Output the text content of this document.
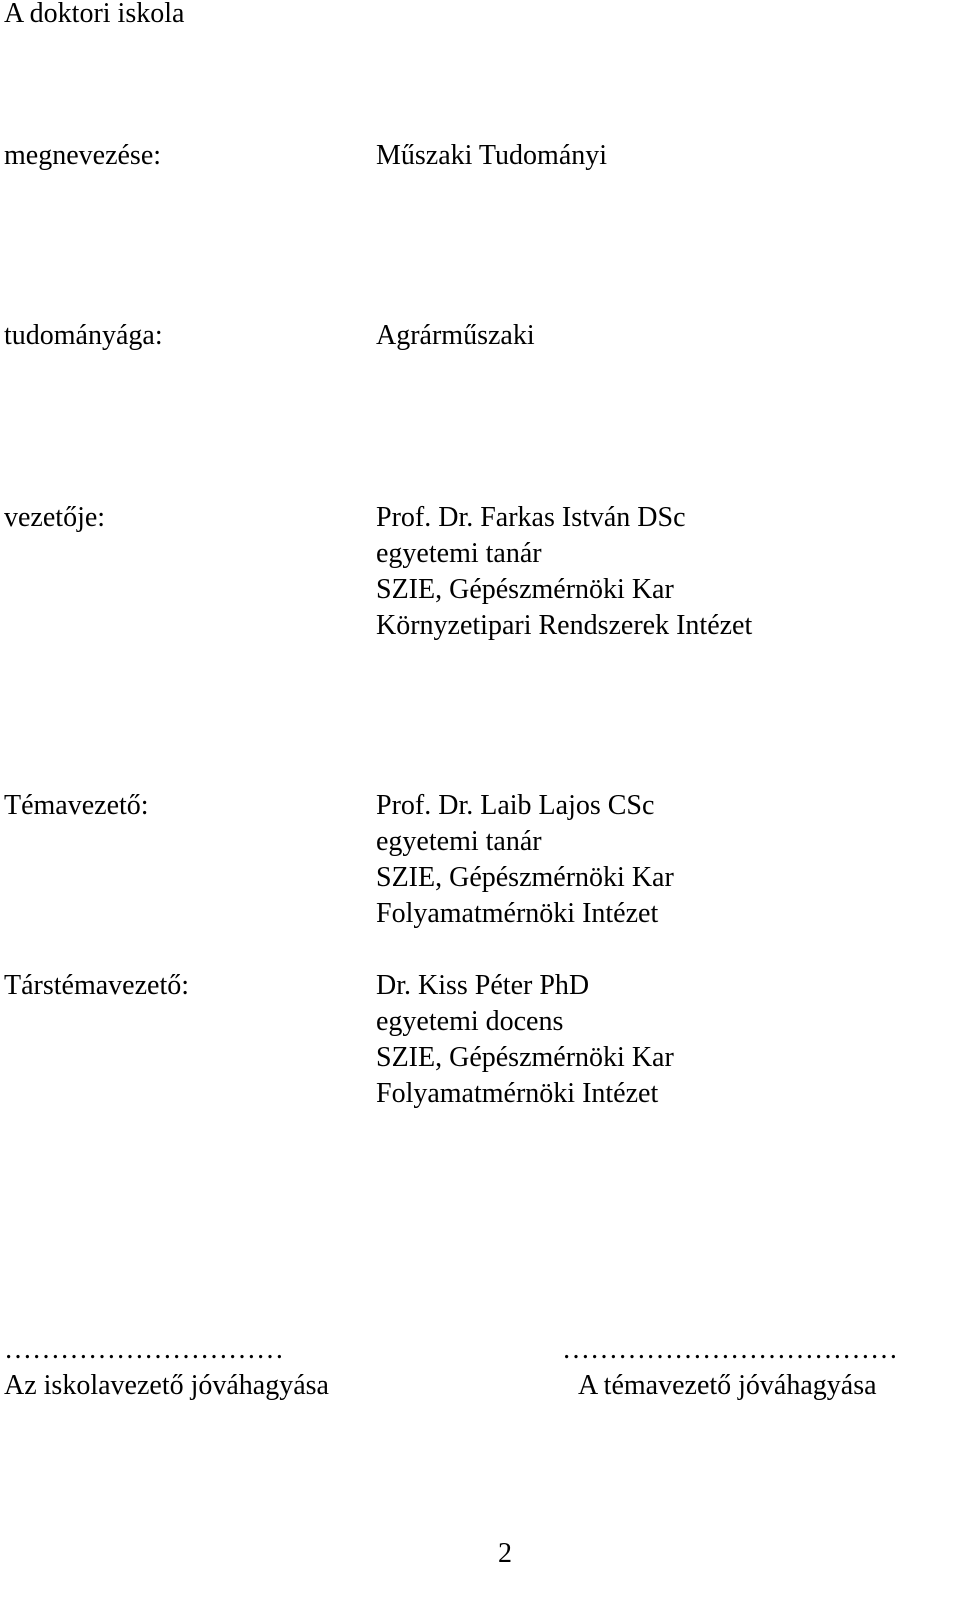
A doktori iskola
megnevezése:	Műszaki Tudományi
tudományága:	Agrárműszaki
vezetője:	Prof. Dr. Farkas István DSc
egyetemi tanár
SZIE, Gépészmérnöki Kar
Környzetipari Rendszerek Intézet
Témavezető:	Prof. Dr. Laib Lajos CSc
egyetemi tanár
SZIE, Gépészmérnöki Kar
Folyamatmérnöki Intézet
Társtémavezető:	Dr. Kiss Péter PhD
egyetemi docens
SZIE, Gépészmérnöki Kar
Folyamatmérnöki Intézet
…………………………
Az iskolavezető jóváhagyása
………………………………
A témavezető jóváhagyása
2
